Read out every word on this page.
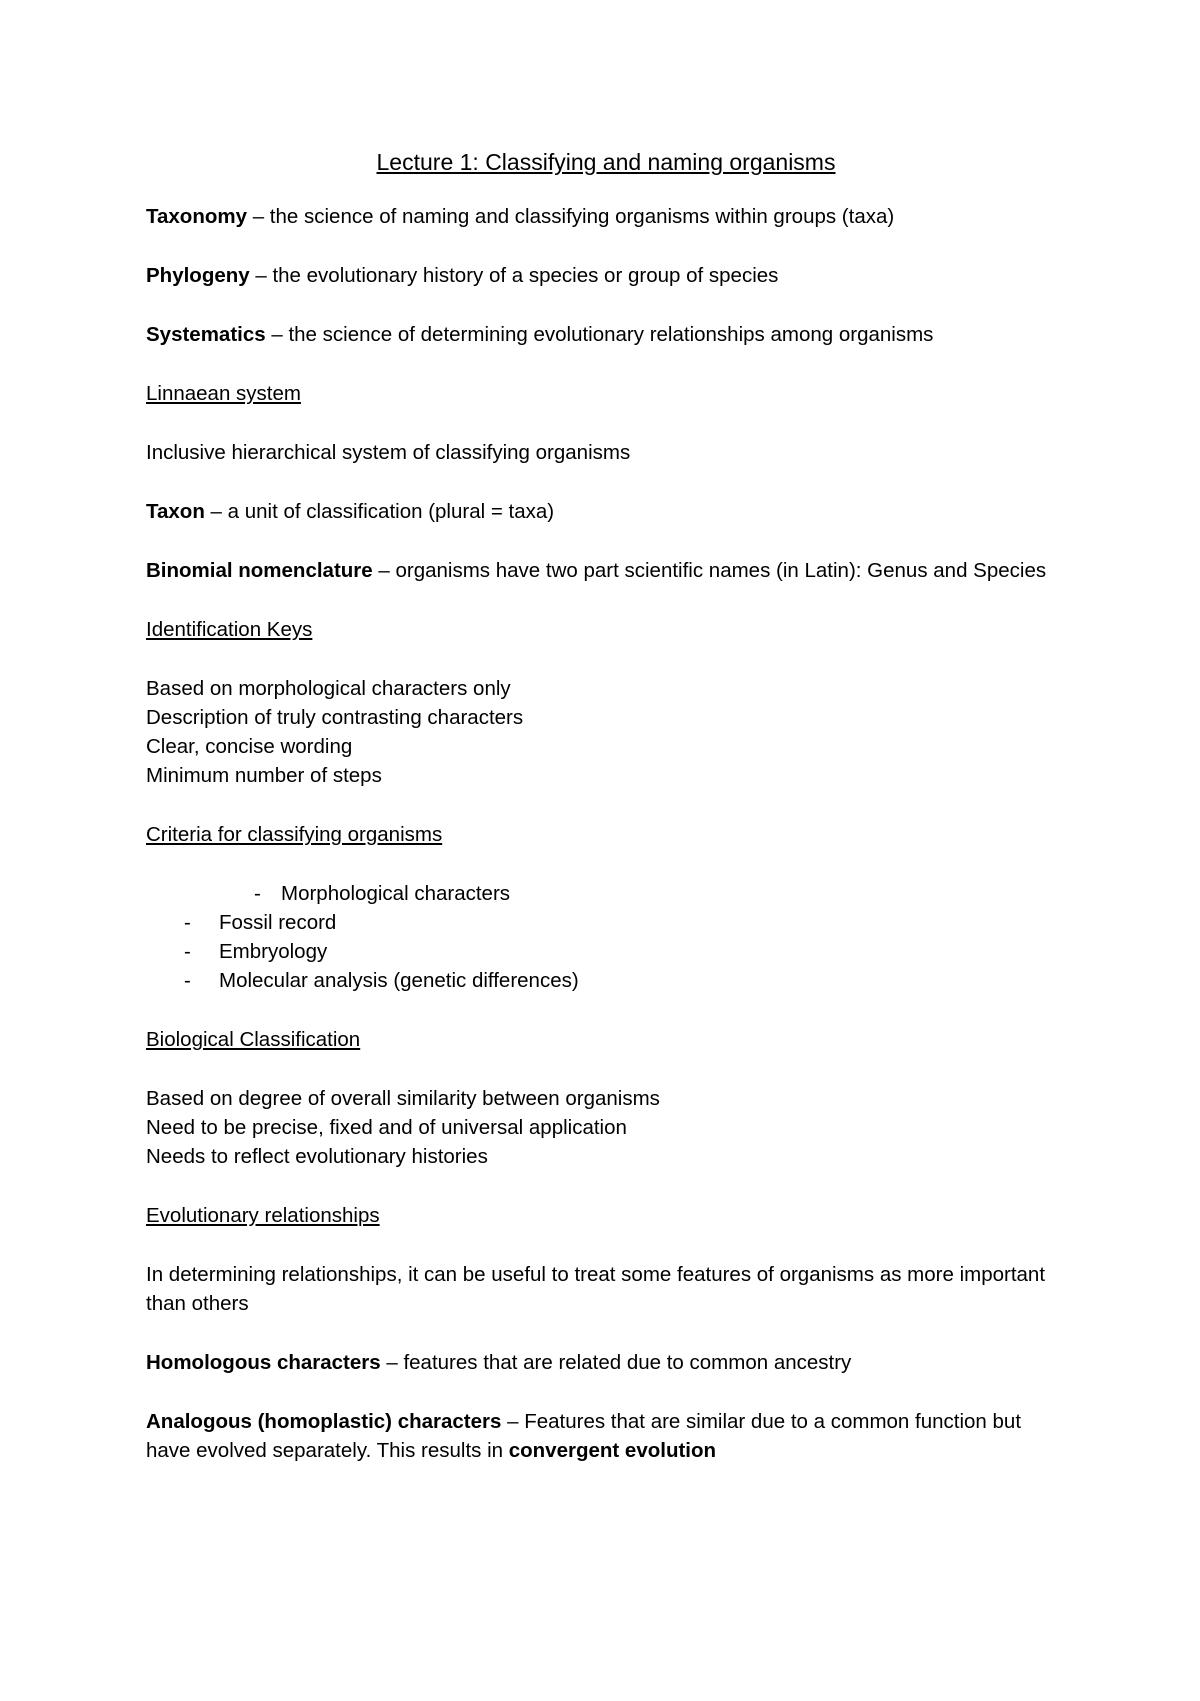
Lecture 1: Classifying and naming organisms

Taxonomy – the science of naming and classifying organisms within groups (taxa)

Phylogeny – the evolutionary history of a species or group of species

Systematics – the science of determining evolutionary relationships among organisms

Linnaean system

Inclusive hierarchical system of classifying organisms

Taxon – a unit of classification (plural = taxa)

Binomial nomenclature – organisms have two part scientific names (in Latin): Genus and Species

Identification Keys
Based on morphological characters only
Description of truly contrasting characters
Clear, concise wording
Minimum number of steps
Criteria for classifying organisms
- Morphological characters
- Fossil record
- Embryology
- Molecular analysis (genetic differences)
Biological Classification
Based on degree of overall similarity between organisms
Need to be precise, fixed and of universal application
Needs to reflect evolutionary histories
Evolutionary relationships

In determining relationships, it can be useful to treat some features of organisms as more important than others

Homologous characters – features that are related due to common ancestry

Analogous (homoplastic) characters – Features that are similar due to a common function but have evolved separately. This results in convergent evolution
